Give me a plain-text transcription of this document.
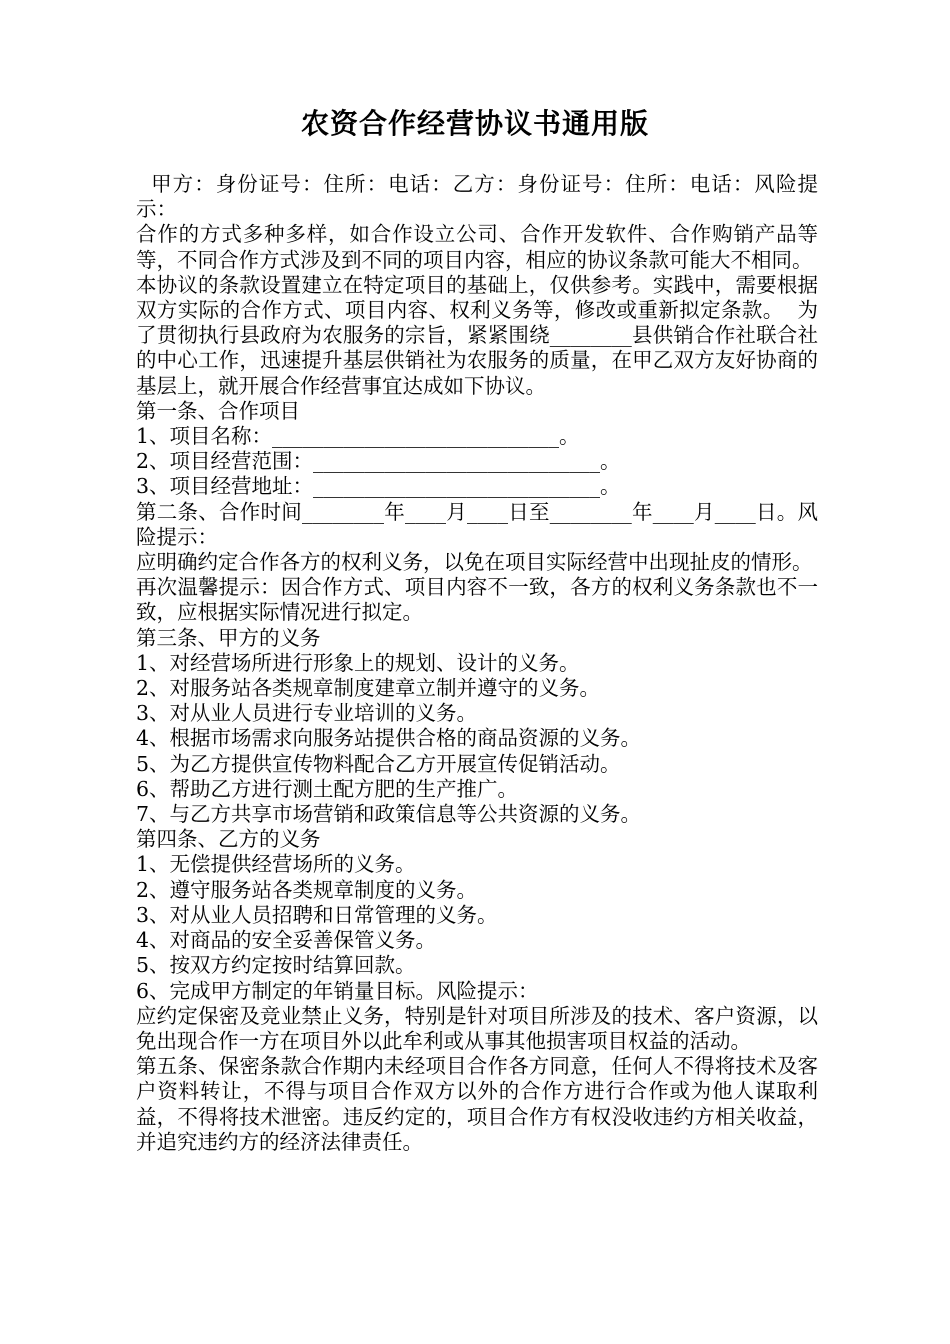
农资合作经营协议书通用版

甲方：身份证号：住所：电话：乙方：身份证号：住所：电话：风险提示：

合作的方式多种多样，如合作设立公司、合作开发软件、合作购销产品等等，不同合作方式涉及到不同的项目内容，相应的协议条款可能大不相同。

本协议的条款设置建立在特定项目的基础上，仅供参考。实践中，需要根据双方实际的合作方式、项目内容、权利义务等，修改或重新拟定条款。  为了贯彻执行县政府为农服务的宗旨，紧紧围绕________县供销合作社联合社的中心工作，迅速提升基层供销社为农服务的质量，在甲乙双方友好协商的基层上，就开展合作经营事宜达成如下协议。

第一条、合作项目

1、项目名称：____________________________。

2、项目经营范围：____________________________。

3、项目经营地址：____________________________。

第二条、合作时间________年____月____日至________年____月____日。风险提示：

应明确约定合作各方的权利义务，以免在项目实际经营中出现扯皮的情形。

再次温馨提示：因合作方式、项目内容不一致，各方的权利义务条款也不一致，应根据实际情况进行拟定。

第三条、甲方的义务

1、对经营场所进行形象上的规划、设计的义务。

2、对服务站各类规章制度建章立制并遵守的义务。

3、对从业人员进行专业培训的义务。

4、根据市场需求向服务站提供合格的商品资源的义务。

5、为乙方提供宣传物料配合乙方开展宣传促销活动。

6、帮助乙方进行测土配方肥的生产推广。

7、与乙方共享市场营销和政策信息等公共资源的义务。

第四条、乙方的义务

1、无偿提供经营场所的义务。

2、遵守服务站各类规章制度的义务。

3、对从业人员招聘和日常管理的义务。

4、对商品的安全妥善保管义务。

5、按双方约定按时结算回款。

6、完成甲方制定的年销量目标。风险提示：

应约定保密及竞业禁止义务，特别是针对项目所涉及的技术、客户资源，以免出现合作一方在项目外以此牟利或从事其他损害项目权益的活动。

第五条、保密条款合作期内未经项目合作各方同意，任何人不得将技术及客户资料转让，不得与项目合作双方以外的合作方进行合作或为他人谋取利益，不得将技术泄密。违反约定的，项目合作方有权没收违约方相关收益，并追究违约方的经济法律责任。
